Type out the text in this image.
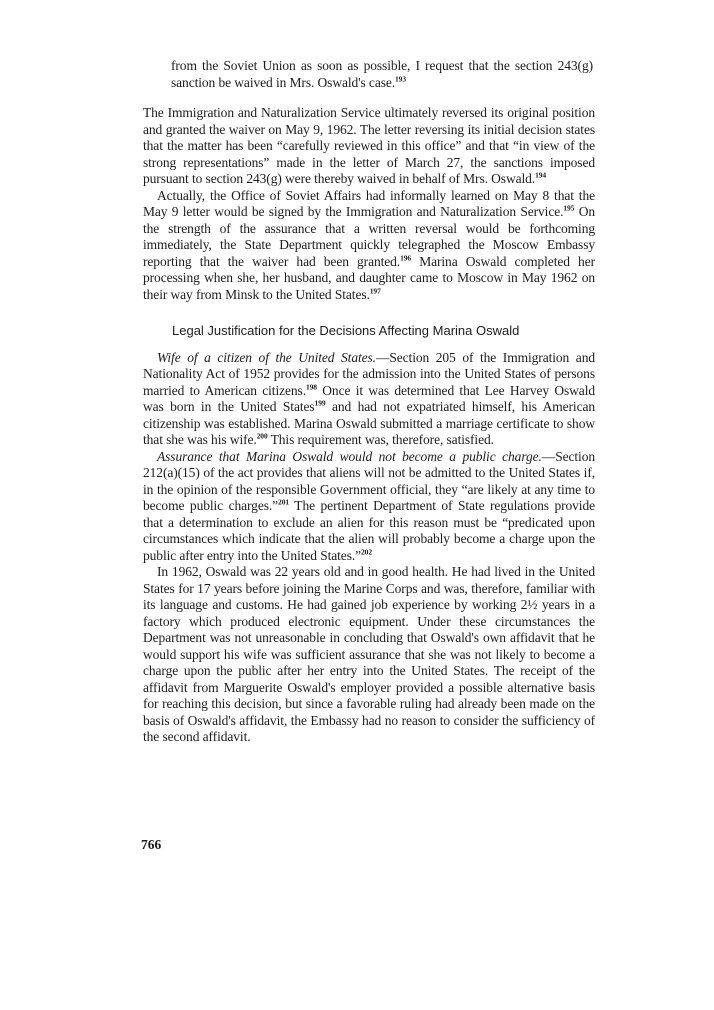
from the Soviet Union as soon as possible, I request that the section 243(g) sanction be waived in Mrs. Oswald's case.$^{193}$

The Immigration and Naturalization Service ultimately reversed its original position and granted the waiver on May 9, 1962. The letter reversing its initial decision states that the matter has been “carefully reviewed in this office” and that “in view of the strong representations” made in the letter of March 27, the sanctions imposed pursuant to section 243(g) were thereby waived in behalf of Mrs. Oswald.$^{194}$

Actually, the Office of Soviet Affairs had informally learned on May 8 that the May 9 letter would be signed by the Immigration and Naturalization Service.$^{195}$ On the strength of the assurance that a written reversal would be forthcoming immediately, the State Department quickly telegraphed the Moscow Embassy reporting that the waiver had been granted.$^{196}$ Marina Oswald completed her processing when she, her husband, and daughter came to Moscow in May 1962 on their way from Minsk to the United States.$^{197}$

Legal Justification for the Decisions Affecting Marina Oswald

Wife of a citizen of the United States.—Section 205 of the Immigration and Nationality Act of 1952 provides for the admission into the United States of persons married to American citizens.$^{198}$ Once it was determined that Lee Harvey Oswald was born in the United States$^{199}$ and had not expatriated himself, his American citizenship was established. Marina Oswald submitted a marriage certificate to show that she was his wife.$^{200}$ This requirement was, therefore, satisfied.

Assurance that Marina Oswald would not become a public charge.—Section 212(a)(15) of the act provides that aliens will not be admitted to the United States if, in the opinion of the responsible Government official, they “are likely at any time to become public charges.”$^{201}$ The pertinent Department of State regulations provide that a determination to exclude an alien for this reason must be “predicated upon circumstances which indicate that the alien will probably become a charge upon the public after entry into the United States.”$^{202}$

In 1962, Oswald was 22 years old and in good health. He had lived in the United States for 17 years before joining the Marine Corps and was, therefore, familiar with its language and customs. He had gained job experience by working 2½ years in a factory which produced electronic equipment. Under these circumstances the Department was not unreasonable in concluding that Oswald's own affidavit that he would support his wife was sufficient assurance that she was not likely to become a charge upon the public after her entry into the United States. The receipt of the affidavit from Marguerite Oswald's employer provided a possible alternative basis for reaching this decision, but since a favorable ruling had already been made on the basis of Oswald's affidavit, the Embassy had no reason to consider the sufficiency of the second affidavit.

766
